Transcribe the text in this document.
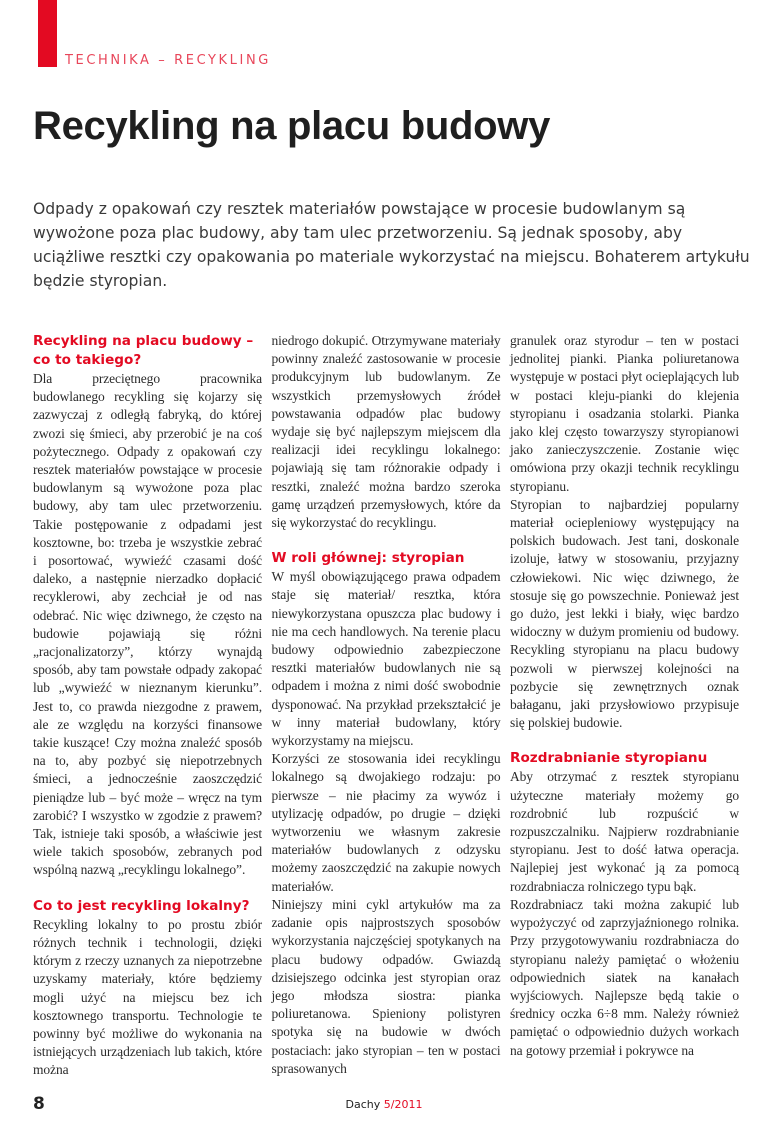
TECHNIKA – RECYKLING
Recykling na placu budowy

Odpady z opakowań czy resztek materiałów powstające w procesie budowlanym są wywożone poza plac budowy, aby tam ulec przetworzeniu. Są jednak sposoby, aby uciążliwe resztki czy opakowania po materiale wykorzystać na miejscu. Bohaterem artykułu będzie styropian.

Recykling na placu budowy – co to takiego?

Dla przeciętnego pracownika budowlanego recykling się kojarzy się zazwyczaj z odległą fabryką, do której zwozi się śmieci, aby przerobić je na coś pożytecznego. Odpady z opakowań czy resztek materiałów powstające w procesie budowlanym są wywożone poza plac budowy, aby tam ulec przetworzeniu. Takie postępowanie z odpadami jest kosztowne, bo: trzeba je wszystkie zebrać i posortować, wywieźć czasami dość daleko, a następnie nierzadko dopłacić recyklerowi, aby zechciał je od nas odebrać. Nic więc dziwnego, że często na budowie pojawiają się różni „racjonalizatorzy”, którzy wynajdą sposób, aby tam powstałe odpady zakopać lub „wywieźć w nieznanym kierunku”. Jest to, co prawda niezgodne z prawem, ale ze względu na korzyści finansowe takie kuszące! Czy można znaleźć sposób na to, aby pozbyć się niepotrzebnych śmieci, a jednocześnie zaoszczędzić pieniądze lub – być może – wręcz na tym zarobić? I wszystko w zgodzie z prawem? Tak, istnieje taki sposób, a właściwie jest wiele takich sposobów, zebranych pod wspólną nazwą „recyklingu lokalnego”.

Co to jest recykling lokalny?

Recykling lokalny to po prostu zbiór różnych technik i technologii, dzięki którym z rzeczy uznanych za niepotrzebne uzyskamy materiały, które będziemy mogli użyć na miejscu bez ich kosztownego transportu. Technologie te powinny być możliwe do wykonania na istniejących urządzeniach lub takich, które można

niedrogo dokupić. Otrzymywane materiały powinny znaleźć zastosowanie w procesie produkcyjnym lub budowlanym. Ze wszystkich przemysłowych źródeł powstawania odpadów plac budowy wydaje się być najlepszym miejscem dla realizacji idei recyklingu lokalnego: pojawiają się tam różnorakie odpady i resztki, znaleźć można bardzo szeroka gamę urządzeń przemysłowych, które da się wykorzystać do recyklingu.

W roli głównej: styropian

W myśl obowiązującego prawa odpadem staje się materiał/ resztka, która niewykorzystana opuszcza plac budowy i nie ma cech handlowych. Na terenie placu budowy odpowiednio zabezpieczone resztki materiałów budowlanych nie są odpadem i można z nimi dość swobodnie dysponować. Na przykład przekształcić je w inny materiał budowlany, który wykorzystamy na miejscu.

Korzyści ze stosowania idei recyklingu lokalnego są dwojakiego rodzaju: po pierwsze – nie płacimy za wywóz i utylizację odpadów, po drugie – dzięki wytworzeniu we własnym zakresie materiałów budowlanych z odzysku możemy zaoszczędzić na zakupie nowych materiałów.

Niniejszy mini cykl artykułów ma za zadanie opis najprostszych sposobów wykorzystania najczęściej spotykanych na placu budowy odpadów. Gwiazdą dzisiejszego odcinka jest styropian oraz jego młodsza siostra: pianka poliuretanowa. Spieniony polistyren spotyka się na budowie w dwóch postaciach: jako styropian – ten w postaci sprasowanych

granulek oraz styrodur – ten w postaci jednolitej pianki. Pianka poliuretanowa występuje w postaci płyt ocieplających lub w postaci kleju-pianki do klejenia styropianu i osadzania stolarki. Pianka jako klej często towarzyszy styropianowi jako zanieczyszczenie. Zostanie więc omówiona przy okazji technik recyklingu styropianu.

Styropian to najbardziej popularny materiał ociepleniowy występujący na polskich budowach. Jest tani, doskonale izoluje, łatwy w stosowaniu, przyjazny człowiekowi. Nic więc dziwnego, że stosuje się go powszechnie. Ponieważ jest go dużo, jest lekki i biały, więc bardzo widoczny w dużym promieniu od budowy. Recykling styropianu na placu budowy pozwoli w pierwszej kolejności na pozbycie się zewnętrznych oznak bałaganu, jaki przysłowiowo przypisuje się polskiej budowie.

Rozdrabnianie styropianu

Aby otrzymać z resztek styropianu użyteczne materiały możemy go rozdrobnić lub rozpuścić w rozpuszczalniku. Najpierw rozdrabnianie styropianu. Jest to dość łatwa operacja. Najlepiej jest wykonać ją za pomocą rozdrabniacza rolniczego typu bąk.

Rozdrabniacz taki można zakupić lub wypożyczyć od zaprzyjaźnionego rolnika. Przy przygotowywaniu rozdrabniacza do styropianu należy pamiętać o włożeniu odpowiednich siatek na kanałach wyjściowych. Najlepsze będą takie o średnicy oczka 6÷8 mm. Należy również pamiętać o odpowiednio dużych workach na gotowy przemiał i pokrywce na

8	Dachy 5/2011
